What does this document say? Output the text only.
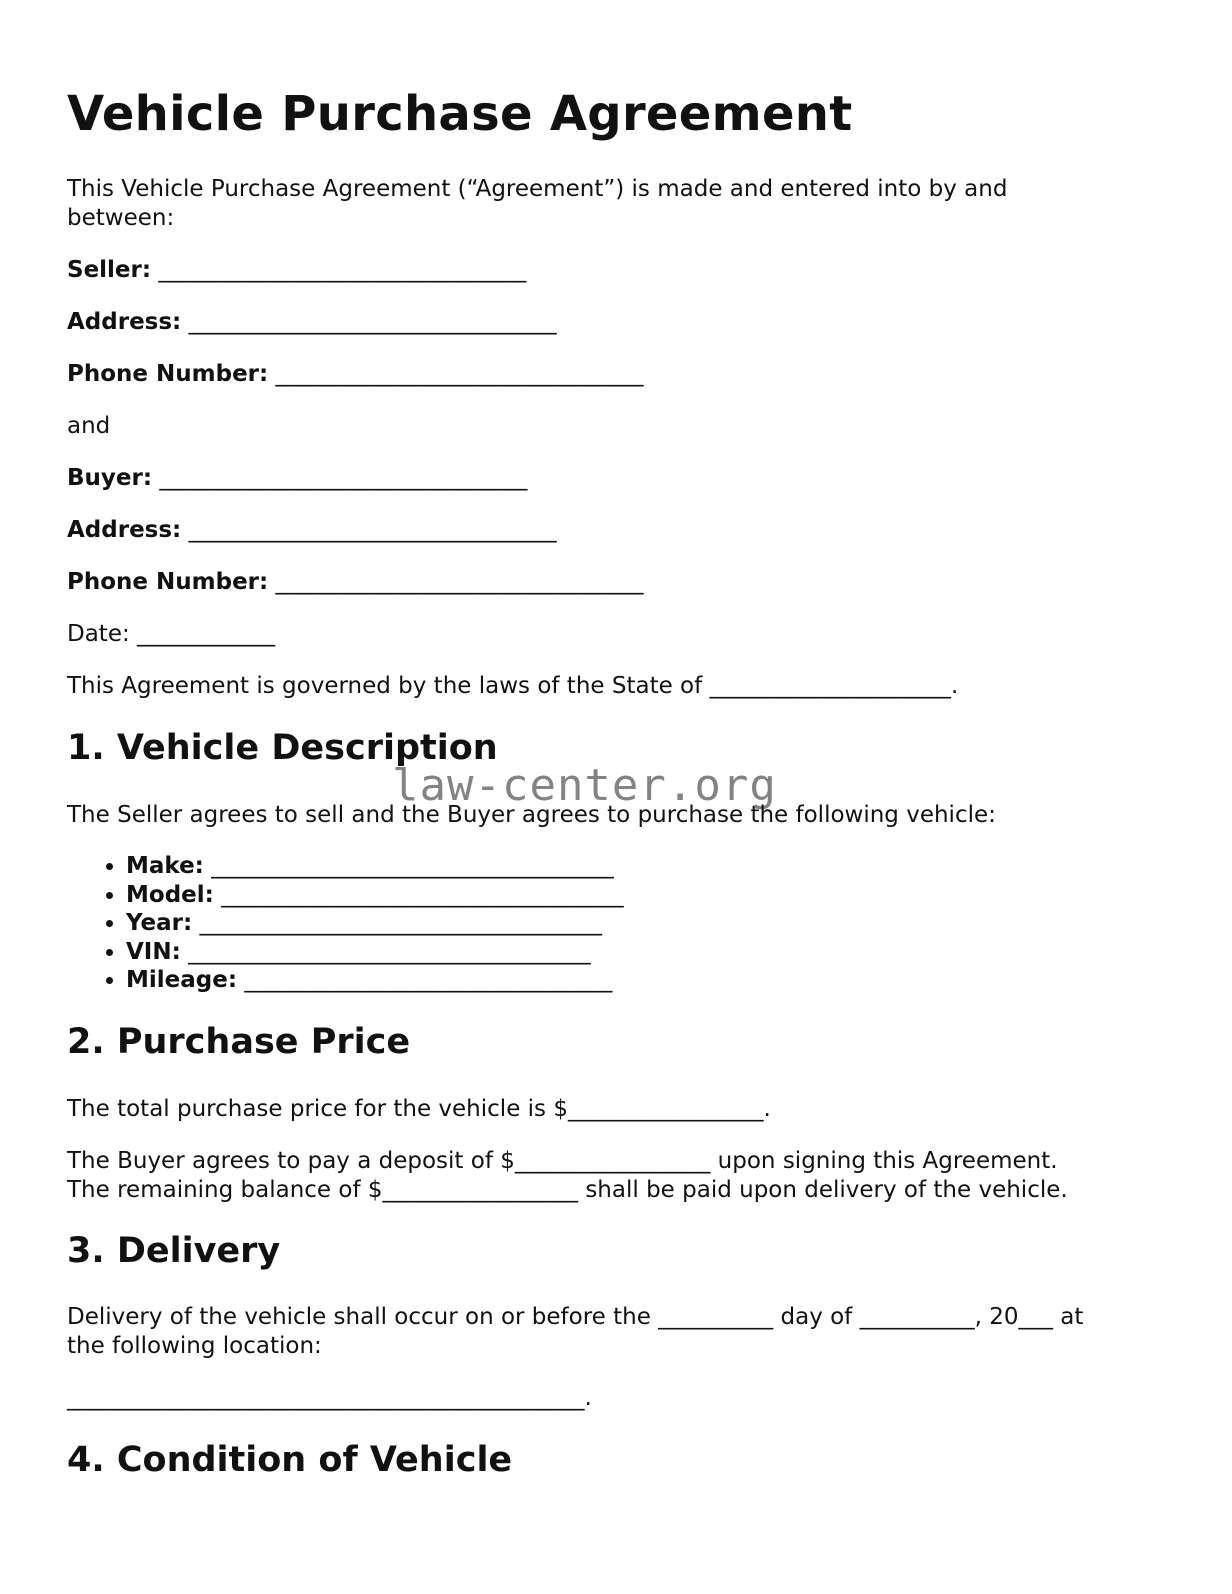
Vehicle Purchase Agreement
This Vehicle Purchase Agreement (“Agreement”) is made and entered into by and
between:
Seller: ________________________________
Address: ________________________________
Phone Number: ________________________________
and
Buyer: ________________________________
Address: ________________________________
Phone Number: ________________________________
Date: ____________
This Agreement is governed by the laws of the State of _____________________.
1. Vehicle Description
law-center.org
The Seller agrees to sell and the Buyer agrees to purchase the following vehicle:
• Make: ___________________________________
• Model: ___________________________________
• Year: ___________________________________
• VIN: ___________________________________
• Mileage: ________________________________
2. Purchase Price
The total purchase price for the vehicle is $_________________.
The Buyer agrees to pay a deposit of $_________________ upon signing this Agreement.
The remaining balance of $_________________ shall be paid upon delivery of the vehicle.
3. Delivery
Delivery of the vehicle shall occur on or before the __________ day of __________, 20___ at
the following location:
_____________________________________________.
4. Condition of Vehicle
